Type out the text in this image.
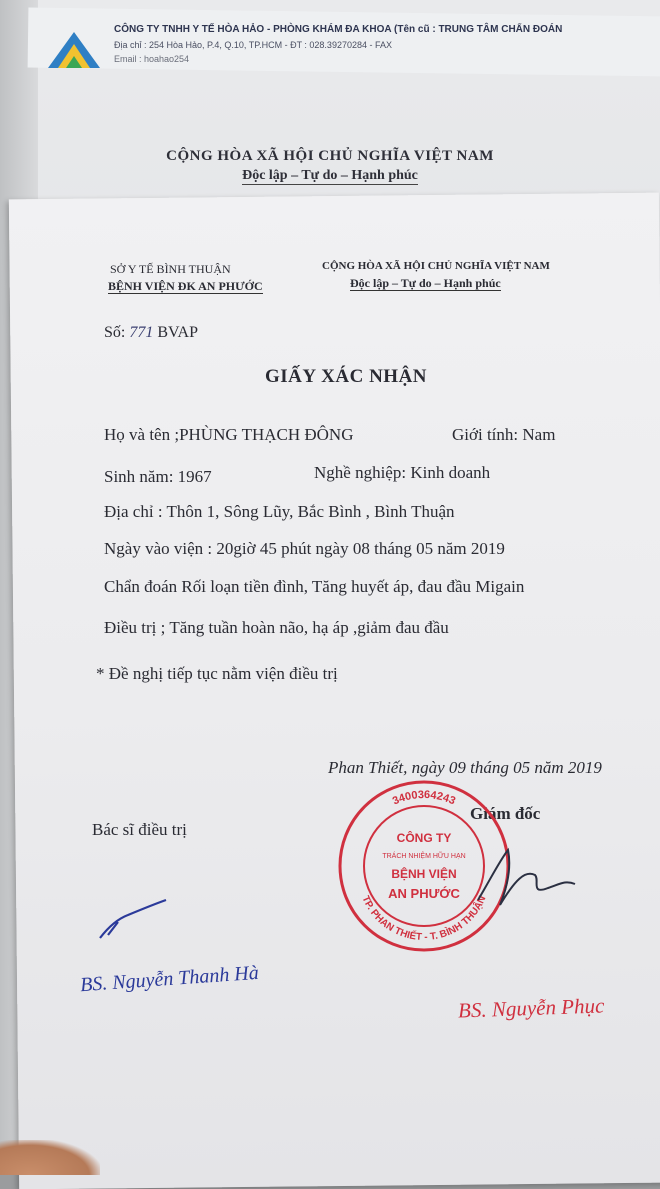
CÔNG TY TNHH Y TẾ HÒA HẢO - PHÒNG KHÁM ĐA KHOA (Tên cũ : TRUNG TÂM CHẨN ĐOÁN
Địa chỉ : 254 Hòa Hảo, P.4, Q.10, TP.HCM - ĐT : 028.39270284 - FAX
Email : hoahao254
CỘNG HÒA XÃ HỘI CHỦ NGHĨA VIỆT NAM
Độc lập – Tự do – Hạnh phúc
SỞ Y TẾ BÌNH THUẬN
BỆNH VIỆN ĐK AN PHƯỚC
CỘNG HÒA XÃ HỘI CHỦ NGHĨA VIỆT NAM
Độc lập – Tự do – Hạnh phúc
Số: 771 BVAP
GIẤY XÁC NHẬN
Họ và tên ;PHÙNG THẠCH ĐÔNG	Giới tính: Nam
Sinh năm: 1967	Nghề nghiệp: Kinh doanh
Địa chỉ : Thôn 1, Sông Lũy, Bắc Bình , Bình Thuận
Ngày vào viện : 20giờ 45 phút ngày 08 tháng 05 năm 2019
Chẩn đoán Rối loạn tiền đình, Tăng huyết áp, đau đầu Migain
Điều trị ; Tăng tuần hoàn não, hạ áp ,giảm đau đầu
* Đề nghị tiếp tục nằm viện điều trị
Phan Thiết, ngày 09 tháng 05 năm 2019
Giám đốc
Bác sĩ điều trị
3400364243
TP. PHAN THIẾT - T. BÌNH THUẬN
CÔNG TY
TRÁCH NHIỆM HỮU HẠN
BỆNH VIỆN
AN PHƯỚC
BS. Nguyễn Thanh Hà
BS. Nguyễn Phục
